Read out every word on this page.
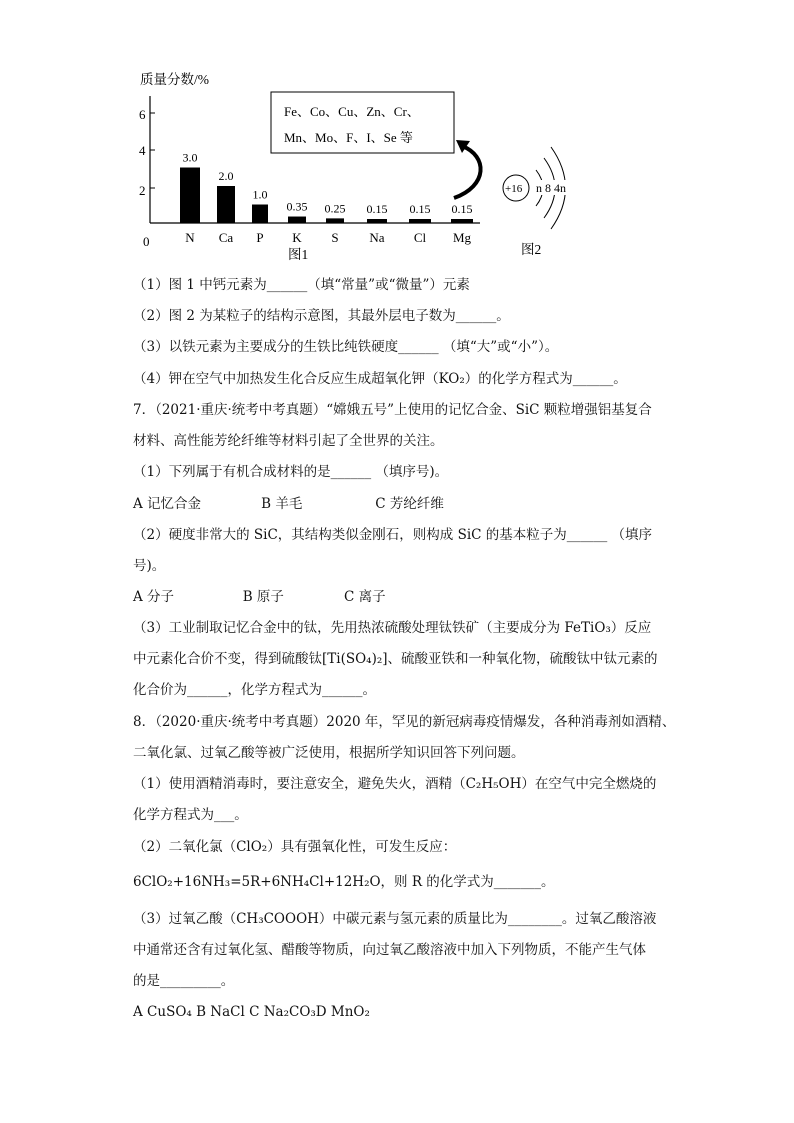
质量分数/%
6
4
2
0
3.0
N
2.0
Ca
1.0
P
0.35
K
0.25
S
0.15
Na
0.15
Cl
0.15
Mg
图1
Fe、Co、Cu、Zn、Cr、
Mn、Mo、F、I、Se 等
+16 n 8 4n
图2
（1）图 1 中钙元素为______（填“常量”或“微量”）元素
（2）图 2 为某粒子的结构示意图，其最外层电子数为______。
（3）以铁元素为主要成分的生铁比纯铁硬度______ （填“大”或“小”）。
（4）钾在空气中加热发生化合反应生成超氧化钾（KO₂）的化学方程式为______。
7．（2021·重庆·统考中考真题）“嫦娥五号”上使用的记忆合金、SiC 颗粒增强铝基复合
材料、高性能芳纶纤维等材料引起了全世界的关注。
（1）下列属于有机合成材料的是______ （填序号)。
A 记忆合金              B 羊毛                 C 芳纶纤维
（2）硬度非常大的 SiC，其结构类似金刚石，则构成 SiC 的基本粒子为______ （填序
号)。
A 分子                B 原子              C 离子
（3）工业制取记忆合金中的钛，先用热浓硫酸处理钛铁矿（主要成分为 FeTiO₃）反应
中元素化合价不变，得到硫酸钛[Ti(SO₄)₂]、硫酸亚铁和一种氧化物，硫酸钛中钛元素的
化合价为______，化学方程式为______。
8．（2020·重庆·统考中考真题）2020 年，罕见的新冠病毒疫情爆发，各种消毒剂如酒精、
二氧化氯、过氧乙酸等被广泛使用，根据所学知识回答下列问题。
（1）使用酒精消毒时，要注意安全，避免失火，酒精（C₂H₅OH）在空气中完全燃烧的
化学方程式为___。
（2）二氧化氯（ClO₂）具有强氧化性，可发生反应：
6ClO₂+16NH₃=5R+6NH₄Cl+12H₂O，则 R 的化学式为_______。
（3）过氧乙酸（CH₃COOOH）中碳元素与氢元素的质量比为________。过氧乙酸溶液
中通常还含有过氧化氢、醋酸等物质，向过氧乙酸溶液中加入下列物质，不能产生气体
的是_________。
A CuSO₄ B NaCl C Na₂CO₃D MnO₂
